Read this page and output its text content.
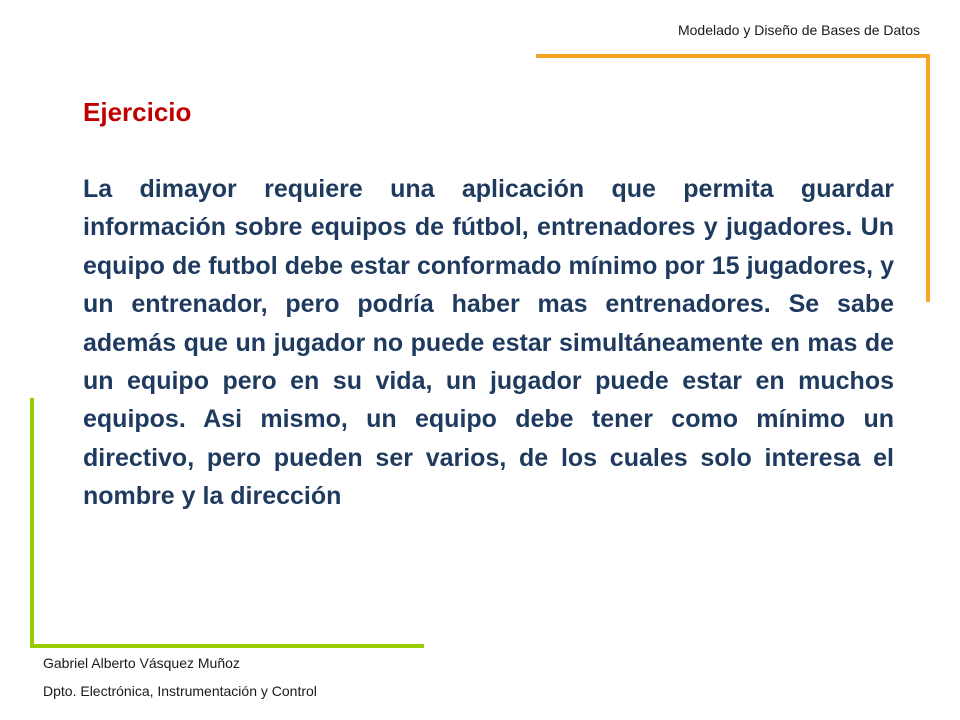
Modelado y Diseño de Bases de Datos
Ejercicio

La dimayor requiere una aplicación que permita guardar información sobre equipos de fútbol, entrenadores y jugadores. Un equipo de futbol debe estar conformado mínimo por 15 jugadores, y un entrenador, pero podría haber mas entrenadores. Se sabe además que un jugador no puede estar simultáneamente en mas de un equipo pero en su vida, un jugador puede estar en muchos equipos. Asi mismo, un equipo debe tener como mínimo un directivo, pero pueden ser varios, de los cuales solo interesa el nombre y la dirección

Gabriel Alberto Vásquez Muñoz
Dpto. Electrónica, Instrumentación y Control
